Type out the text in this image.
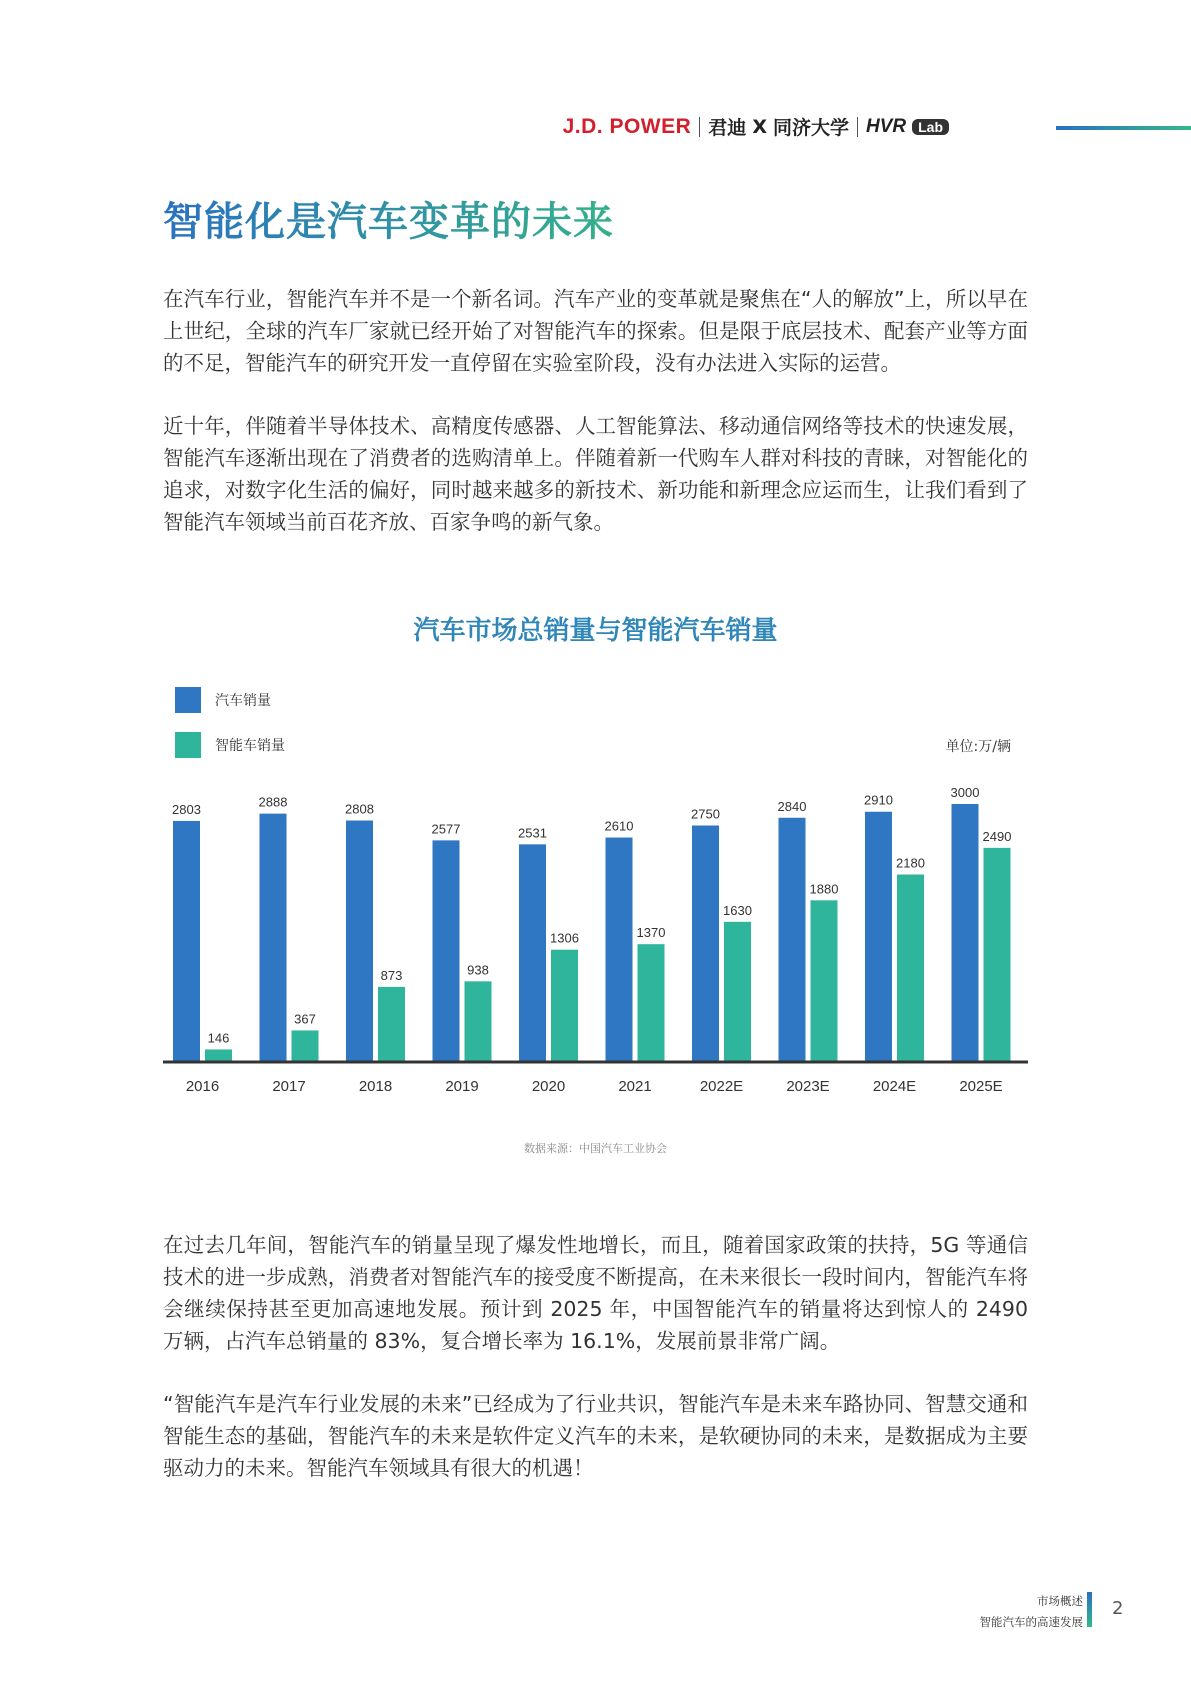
J.D. POWER 君迪 X 同济大学 HVR Lab
智能化是汽车变革的未来

在汽车行业，智能汽车并不是一个新名词。汽车产业的变革就是聚焦在“人的解放”上，所以早在上世纪，全球的汽车厂家就已经开始了对智能汽车的探索。但是限于底层技术、配套产业等方面的不足，智能汽车的研究开发一直停留在实验室阶段，没有办法进入实际的运营。

近十年，伴随着半导体技术、高精度传感器、人工智能算法、移动通信网络等技术的快速发展，智能汽车逐渐出现在了消费者的选购清单上。伴随着新一代购车人群对科技的青睐，对智能化的追求，对数字化生活的偏好，同时越来越多的新技术、新功能和新理念应运而生，让我们看到了智能汽车领域当前百花齐放、百家争鸣的新气象。

汽车市场总销量与智能汽车销量
汽车销量
智能车销量	单位:万/辆
2803
146
2016
2888
367
2017
2808
873
2018
2577
938
2019
2531
1306
2020
2610
1370
2021
2750
1630
2022E
2840
1880
2023E
2910
2180
2024E
3000
2490
2025E
数据来源：中国汽车工业协会

在过去几年间，智能汽车的销量呈现了爆发性地增长，而且，随着国家政策的扶持，5G 等通信技术的进一步成熟，消费者对智能汽车的接受度不断提高，在未来很长一段时间内，智能汽车将会继续保持甚至更加高速地发展。预计到 2025 年，中国智能汽车的销量将达到惊人的 2490 万辆，占汽车总销量的 83%，复合增长率为 16.1%，发展前景非常广阔。

“智能汽车是汽车行业发展的未来”已经成为了行业共识，智能汽车是未来车路协同、智慧交通和智能生态的基础，智能汽车的未来是软件定义汽车的未来，是软硬协同的未来，是数据成为主要驱动力的未来。智能汽车领域具有很大的机遇！

市场概述
智能汽车的高速发展
2
